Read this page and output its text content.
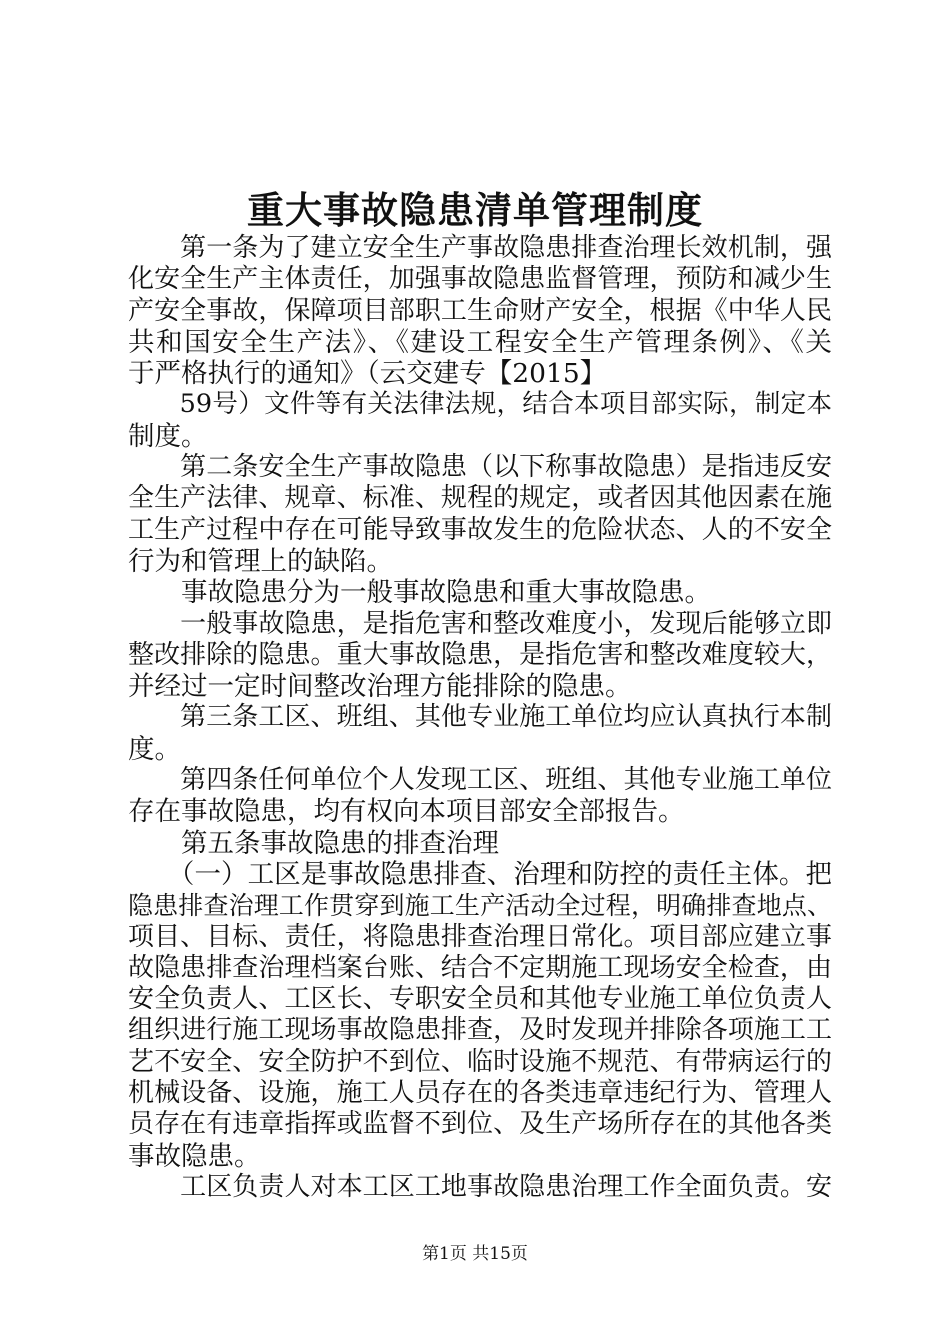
重大事故隐患清单管理制度
　　第一条为了建立安全生产事故隐患排查治理长效机制，强
化安全生产主体责任，加强事故隐患监督管理，预防和减少生
产安全事故，保障项目部职工生命财产安全，根据《中华人民
共和国安全生产法》、《建设工程安全生产管理条例》、《关
于严格执行的通知》（云交建专【2015】
　　59号）文件等有关法律法规，结合本项目部实际，制定本
制度。
　　第二条安全生产事故隐患（以下称事故隐患）是指违反安
全生产法律、规章、标准、规程的规定，或者因其他因素在施
工生产过程中存在可能导致事故发生的危险状态、人的不安全
行为和管理上的缺陷。
　　事故隐患分为一般事故隐患和重大事故隐患。
　　一般事故隐患，是指危害和整改难度小，发现后能够立即
整改排除的隐患。重大事故隐患，是指危害和整改难度较大，
并经过一定时间整改治理方能排除的隐患。
　　第三条工区、班组、其他专业施工单位均应认真执行本制
度。
　　第四条任何单位个人发现工区、班组、其他专业施工单位
存在事故隐患，均有权向本项目部安全部报告。
　　第五条事故隐患的排查治理
　　（一）工区是事故隐患排查、治理和防控的责任主体。把
隐患排查治理工作贯穿到施工生产活动全过程，明确排查地点、
项目、目标、责任，将隐患排查治理日常化。项目部应建立事
故隐患排查治理档案台账、结合不定期施工现场安全检查，由
安全负责人、工区长、专职安全员和其他专业施工单位负责人
组织进行施工现场事故隐患排查，及时发现并排除各项施工工
艺不安全、安全防护不到位、临时设施不规范、有带病运行的
机械设备、设施，施工人员存在的各类违章违纪行为、管理人
员存在有违章指挥或监督不到位、及生产场所存在的其他各类
事故隐患。
　　工区负责人对本工区工地事故隐患治理工作全面负责。安
第1页 共15页
